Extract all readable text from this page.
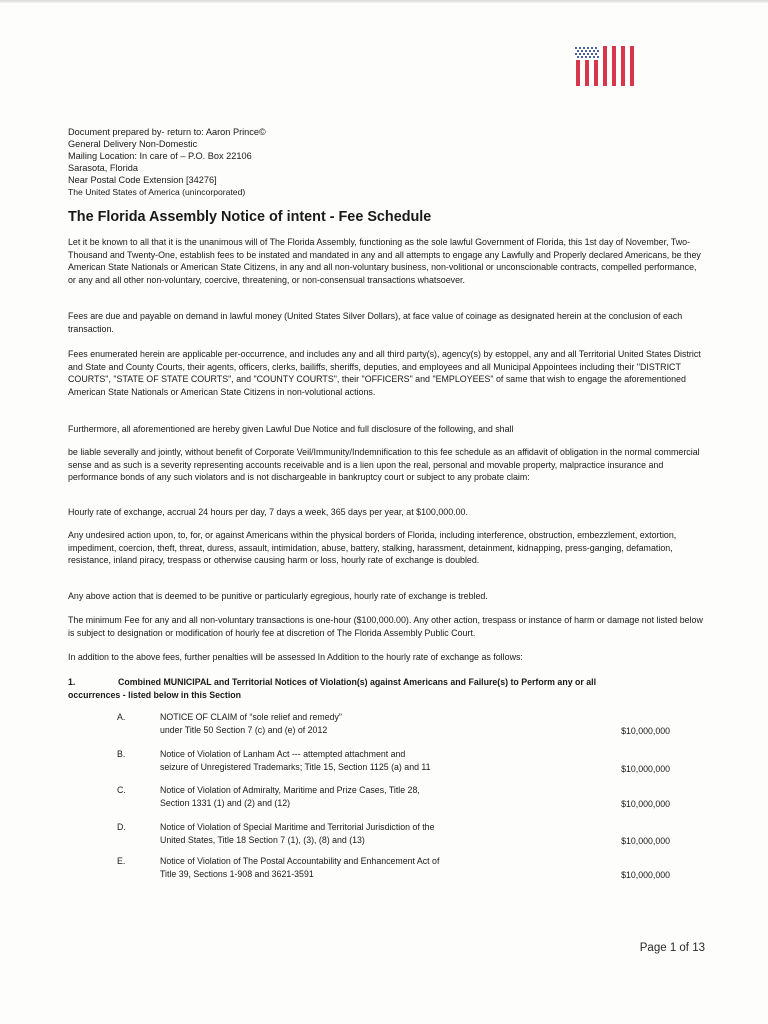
Document prepared by- return to: Aaron Prince©
General Delivery Non-Domestic
Mailing Location: In care of – P.O. Box 22106
Sarasota, Florida
Near Postal Code Extension [34276]
The United States of America (unincorporated)
The Florida Assembly Notice of intent - Fee Schedule

Let it be known to all that it is the unanimous will of The Florida Assembly, functioning as the sole lawful Government of Florida, this 1st day of November, Two-Thousand and Twenty-One, establish fees to be instated and mandated in any and all attempts to engage any Lawfully and Properly declared Americans, be they American State Nationals or American State Citizens, in any and all non-voluntary business, non-volitional or unconscionable contracts, compelled performance, or any and all other non-voluntary, coercive, threatening, or non-consensual transactions whatsoever.

Fees are due and payable on demand in lawful money (United States Silver Dollars), at face value of coinage as designated herein at the conclusion of each transaction.

Fees enumerated herein are applicable per-occurrence, and includes any and all third party(s), agency(s) by estoppel, any and all Territorial United States District and State and County Courts, their agents, officers, clerks, bailiffs, sheriffs, deputies, and employees and all Municipal Appointees including their "DISTRICT COURTS", "STATE OF STATE COURTS", and "COUNTY COURTS", their "OFFICERS" and "EMPLOYEES" of same that wish to engage the aforementioned American State Nationals or American State Citizens in non-volutional actions.

Furthermore, all aforementioned are hereby given Lawful Due Notice and full disclosure of the following, and shall

be liable severally and jointly, without benefit of Corporate Veil/Immunity/Indemnification to this fee schedule as an affidavit of obligation in the normal commercial sense and as such is a severity representing accounts receivable and is a lien upon the real, personal and movable property, malpractice insurance and performance bonds of any such violators and is not dischargeable in bankruptcy court or subject to any probate claim:

Hourly rate of exchange, accrual 24 hours per day, 7 days a week, 365 days per year, at $100,000.00.

Any undesired action upon, to, for, or against Americans within the physical borders of Florida, including interference, obstruction, embezzlement, extortion, impediment, coercion, theft, threat, duress, assault, intimidation, abuse, battery, stalking, harassment, detainment, kidnapping, press-ganging, defamation, resistance, inland piracy, trespass or otherwise causing harm or loss, hourly rate of exchange is doubled.

Any above action that is deemed to be punitive or particularly egregious, hourly rate of exchange is trebled.

The minimum Fee for any and all non-voluntary transactions is one-hour ($100,000.00). Any other action, trespass or instance of harm or damage not listed below is subject to designation or modification of hourly fee at discretion of The Florida Assembly Public Court.

In addition to the above fees, further penalties will be assessed In Addition to the hourly rate of exchange as follows:

1.	Combined MUNICIPAL and Territorial Notices of Violation(s) against Americans and Failure(s) to Perform any or all
occurrences - listed below in this Section
A.	NOTICE OF CLAIM of “sole relief and remedy”
under Title 50 Section 7 (c) and (e) of 2012	$10,000,000
B.	Notice of Violation of Lanham Act --- attempted attachment and
seizure of Unregistered Trademarks; Title 15, Section 1125 (a) and 11	$10,000,000
C.	Notice of Violation of Admiralty, Maritime and Prize Cases, Title 28,
Section 1331 (1) and (2) and (12)	$10,000,000
D.	Notice of Violation of Special Maritime and Territorial Jurisdiction of the
United States, Title 18 Section 7 (1), (3), (8) and (13)	$10,000,000
E.	Notice of Violation of The Postal Accountability and Enhancement Act of
Title 39, Sections 1-908 and 3621-3591	$10,000,000
Page 1 of 13
